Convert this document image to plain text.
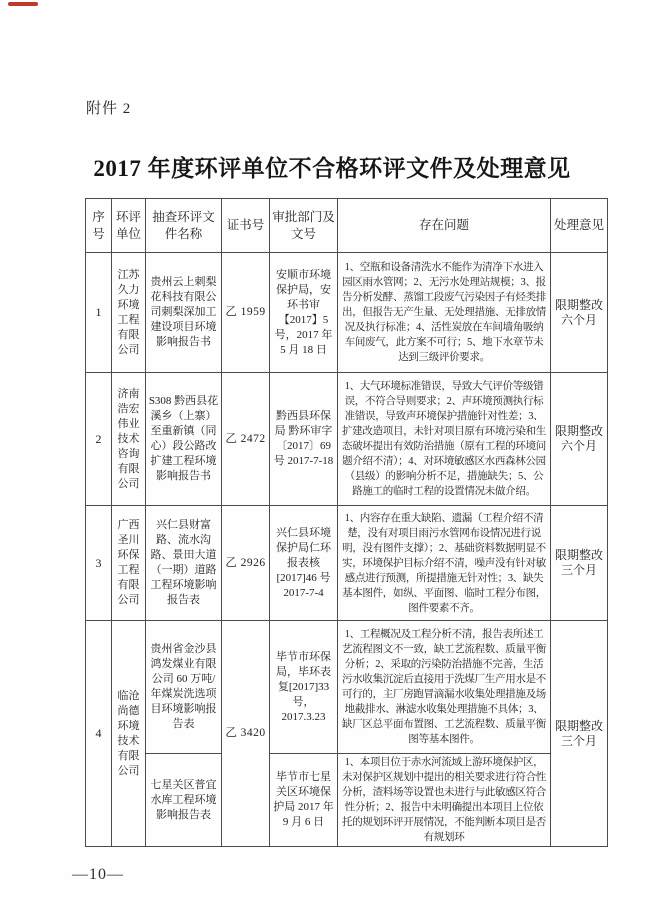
附件 2
2017 年度环评单位不合格环评文件及处理意见
序号	环评单位	抽查环评文件名称	证书号	审批部门及文号	存在问题	处理意见
1	江苏久力环境工程有限公司	贵州云上刺梨花科技有限公司刺梨深加工建设项目环境影响报告书	乙 1959	安顺市环境保护局，安环书审【2017】5 号，2017 年 5 月 18 日	1、空瓶和设备清洗水不能作为清净下水进入园区雨水管网；2、无污水处理站规模；3、报告分析发酵、蒸馏工段废气污染因子有烃类排出，但报告无产生量、无处理措施、无排放情况及执行标准；4、活性炭放在车间墙角吸纳车间废气，此方案不可行；5、地下水章节未达到三级评价要求。	限期整改六个月
2	济南浩宏伟业技术咨询有限公司	S308 黔西县花溪乡（上寨）至重新镇（同心）段公路改扩建工程环境影响报告书	乙 2472	黔西县环保局 黔环审字〔2017〕69 号 2017-7-18	1、大气环境标准错误，导致大气评价等级错误，不符合导则要求；2、声环境预测执行标准错误，导致声环境保护措施针对性差；3、扩建改造项目，未针对项目原有环境污染和生态破坏提出有效防治措施（原有工程的环境问题介绍不清）；4、对环境敏感区水西森林公园（县级）的影响分析不足，措施缺失；5、公路施工的临时工程的设置情况未做介绍。	限期整改六个月
3	广西圣川环保工程有限公司	兴仁县财富路、流水沟路、景田大道（一期）道路工程环境影响报告表	乙 2926	兴仁县环境保护局仁环报表核[2017]46 号 2017-7-4	1、内容存在重大缺陷、遗漏（工程介绍不清楚，没有对项目雨污水管网布设情况进行说明，没有图件支撑）；2、基础资料数据明显不实，环境保护目标介绍不清，噪声没有针对敏感点进行预测，所提措施无针对性；3、缺失基本图件，如纵、平面图、临时工程分布图，图件要素不齐。	限期整改三个月
4	临沧尚德环境技术有限公司	贵州省金沙县鸿发煤业有限公司 60 万吨/年煤炭洗选项目环境影响报告表	乙 3420	毕节市环保局，毕环表复[2017]33 号，2017.3.23	1、工程概况及工程分析不清，报告表所述工艺流程图文不一致，缺工艺流程数、质量平衡分析；2、采取的污染防治措施不完善，生活污水收集沉淀后直接用于洗煤厂生产用水是不可行的，主厂房跑冒滴漏水收集处理措施及场地截排水、淋滤水收集处理措施不具体；3、缺厂区总平面布置图、工艺流程数、质量平衡图等基本图件。	限期整改三个月
		七星关区普宜水库工程环境影响报告表		毕节市七星关区环境保护局 2017 年 9 月 6 日	1、本项目位于赤水河流域上游环境保护区，未对保护区规划中提出的相关要求进行符合性分析，渣料场等设置也未进行与此敏感区符合性分析；2、报告中未明确提出本项目上位依托的规划环评开展情况，不能判断本项目是否有规划环	
—10—
